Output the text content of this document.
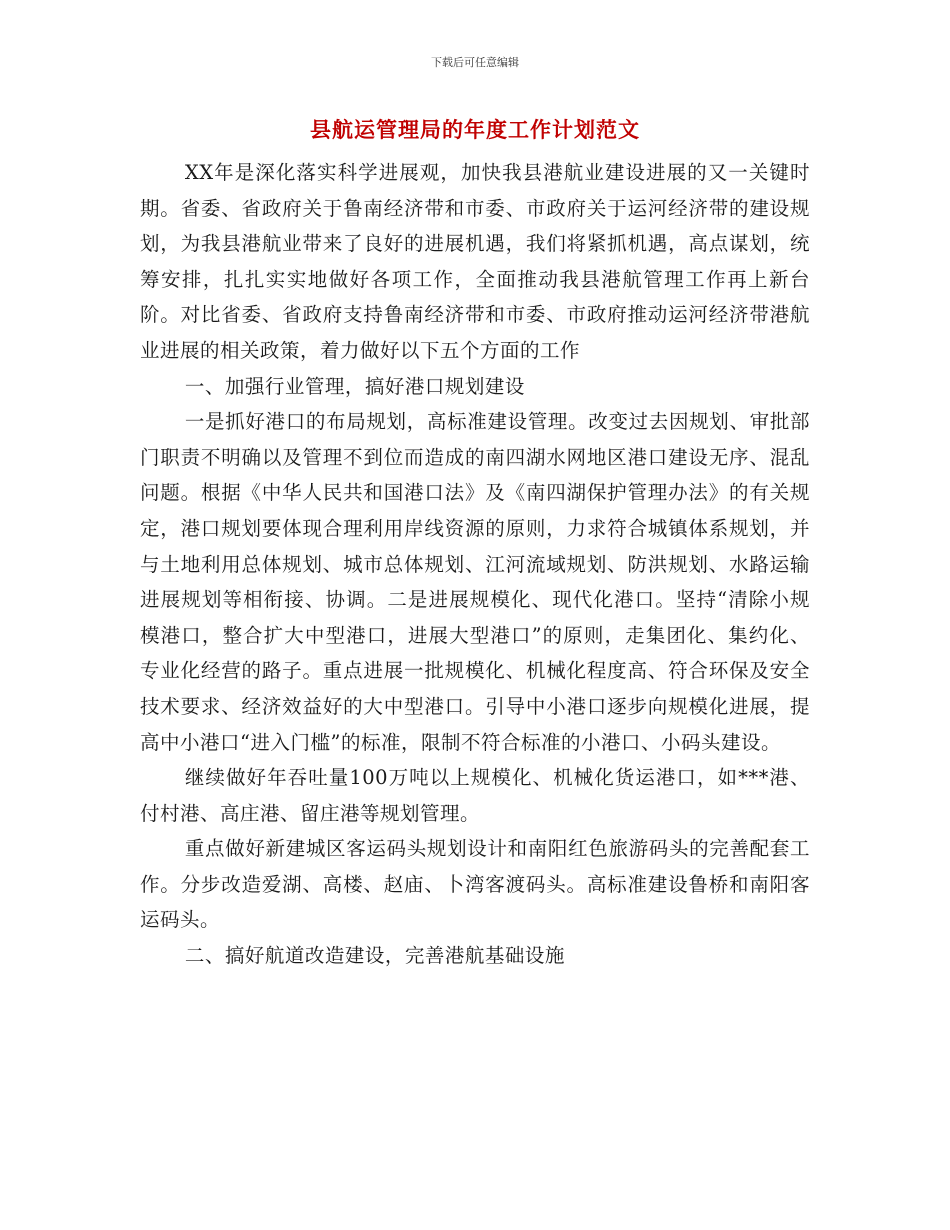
下载后可任意编辑
县航运管理局的年度工作计划范文

XX年是深化落实科学进展观，加快我县港航业建设进展的又一关键时期。省委、省政府关于鲁南经济带和市委、市政府关于运河经济带的建设规划，为我县港航业带来了良好的进展机遇，我们将紧抓机遇，高点谋划，统筹安排，扎扎实实地做好各项工作，全面推动我县港航管理工作再上新台阶。对比省委、省政府支持鲁南经济带和市委、市政府推动运河经济带港航业进展的相关政策，着力做好以下五个方面的工作

一、加强行业管理，搞好港口规划建设

一是抓好港口的布局规划，高标准建设管理。改变过去因规划、审批部门职责不明确以及管理不到位而造成的南四湖水网地区港口建设无序、混乱问题。根据《中华人民共和国港口法》及《南四湖保护管理办法》的有关规定，港口规划要体现合理利用岸线资源的原则，力求符合城镇体系规划，并与土地利用总体规划、城市总体规划、江河流域规划、防洪规划、水路运输进展规划等相衔接、协调。二是进展规模化、现代化港口。坚持“清除小规模港口，整合扩大中型港口，进展大型港口”的原则，走集团化、集约化、专业化经营的路子。重点进展一批规模化、机械化程度高、符合环保及安全技术要求、经济效益好的大中型港口。引导中小港口逐步向规模化进展，提高中小港口“进入门槛”的标准，限制不符合标准的小港口、小码头建设。

继续做好年吞吐量100万吨以上规模化、机械化货运港口，如***港、付村港、高庄港、留庄港等规划管理。

重点做好新建城区客运码头规划设计和南阳红色旅游码头的完善配套工作。分步改造爱湖、高楼、赵庙、卜湾客渡码头。高标准建设鲁桥和南阳客运码头。

二、搞好航道改造建设，完善港航基础设施
